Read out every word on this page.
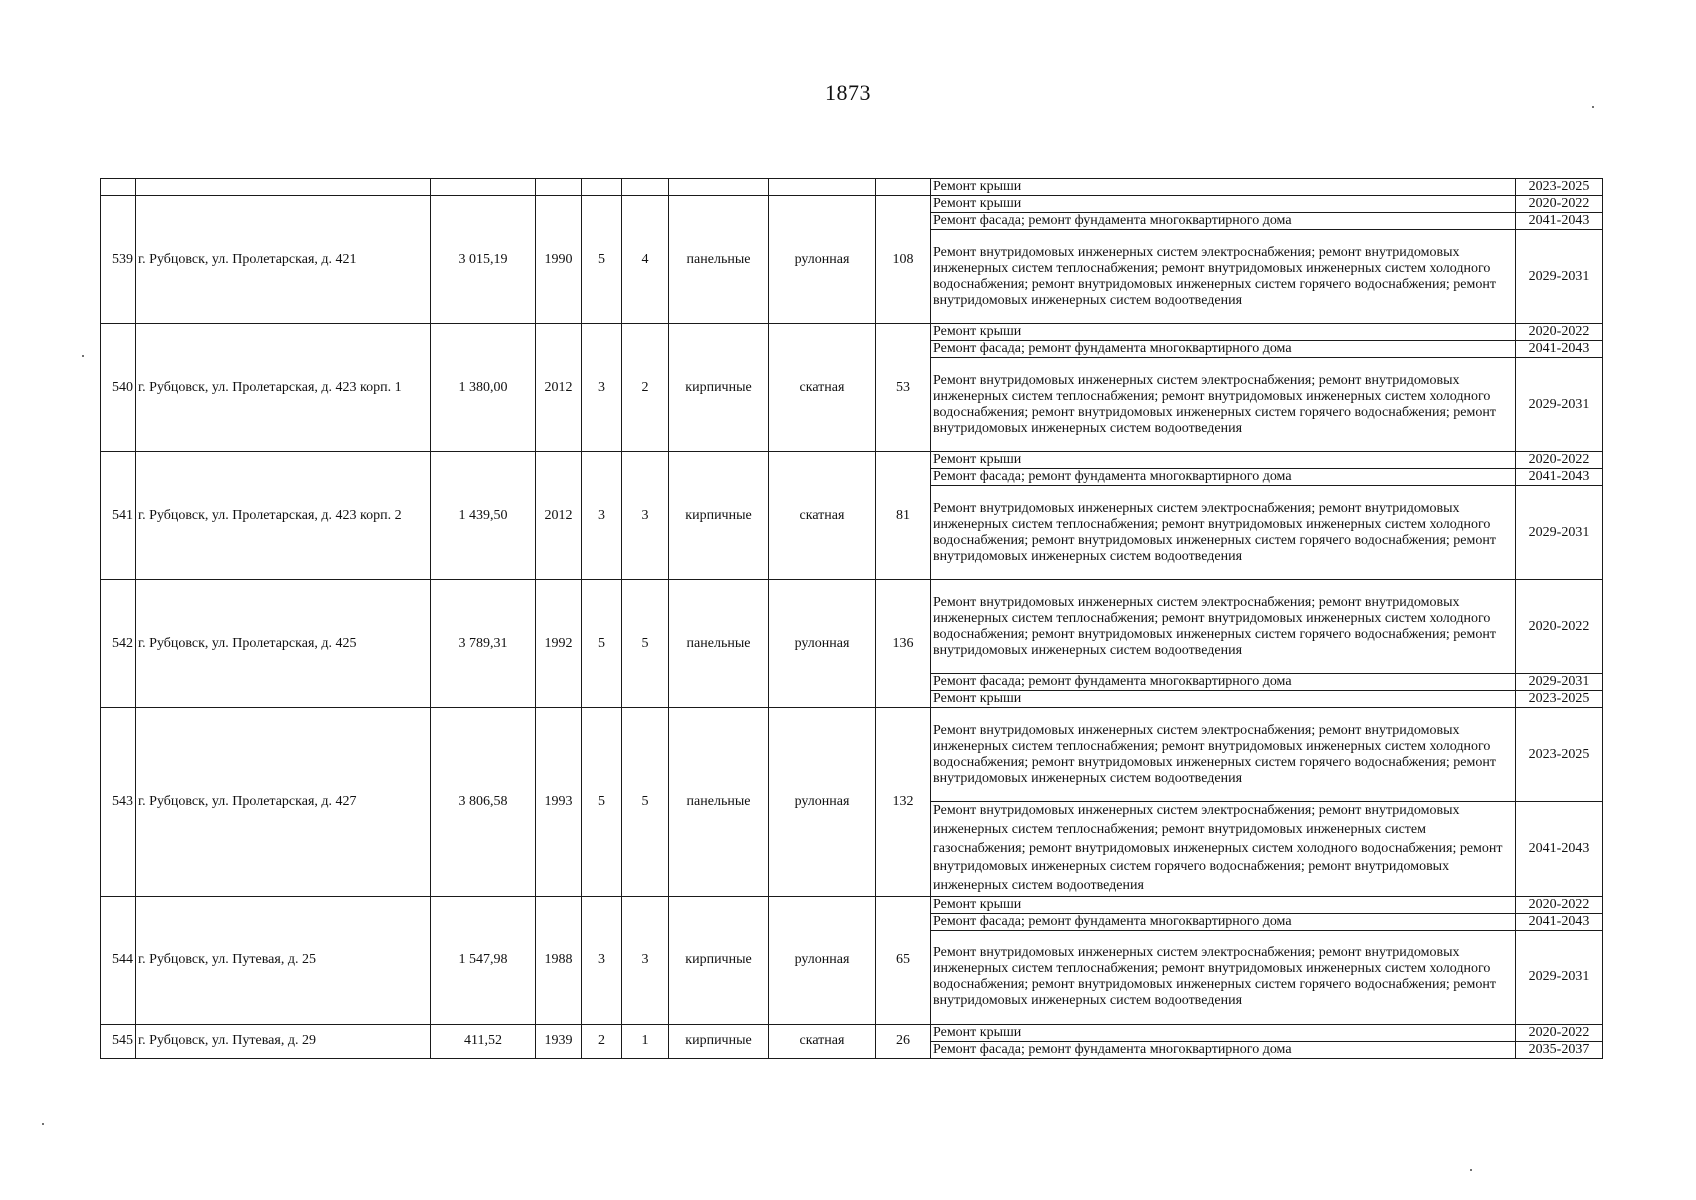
1873
									Ремонт крыши	2023-2025
539	г. Рубцовск, ул. Пролетарская, д. 421	3 015,19	1990	5	4	панельные	рулонная	108	Ремонт крыши	2020-2022
									Ремонт фасада; ремонт фундамента многоквартирного дома	2041-2043
									Ремонт внутридомовых инженерных систем электроснабжения; ремонт внутридомовых инженерных систем теплоснабжения; ремонт внутридомовых инженерных систем холодного водоснабжения; ремонт внутридомовых инженерных систем горячего водоснабжения; ремонт внутридомовых инженерных систем водоотведения	2029-2031
540	г. Рубцовск, ул. Пролетарская, д. 423 корп. 1	1 380,00	2012	3	2	кирпичные	скатная	53	Ремонт крыши	2020-2022
									Ремонт фасада; ремонт фундамента многоквартирного дома	2041-2043
									Ремонт внутридомовых инженерных систем электроснабжения; ремонт внутридомовых инженерных систем теплоснабжения; ремонт внутридомовых инженерных систем холодного водоснабжения; ремонт внутридомовых инженерных систем горячего водоснабжения; ремонт внутридомовых инженерных систем водоотведения	2029-2031
541	г. Рубцовск, ул. Пролетарская, д. 423 корп. 2	1 439,50	2012	3	3	кирпичные	скатная	81	Ремонт крыши	2020-2022
									Ремонт фасада; ремонт фундамента многоквартирного дома	2041-2043
									Ремонт внутридомовых инженерных систем электроснабжения; ремонт внутридомовых инженерных систем теплоснабжения; ремонт внутридомовых инженерных систем холодного водоснабжения; ремонт внутридомовых инженерных систем горячего водоснабжения; ремонт внутридомовых инженерных систем водоотведения	2029-2031
542	г. Рубцовск, ул. Пролетарская, д. 425	3 789,31	1992	5	5	панельные	рулонная	136	Ремонт внутридомовых инженерных систем электроснабжения; ремонт внутридомовых инженерных систем теплоснабжения; ремонт внутридомовых инженерных систем холодного водоснабжения; ремонт внутридомовых инженерных систем горячего водоснабжения; ремонт внутридомовых инженерных систем водоотведения	2020-2022
									Ремонт фасада; ремонт фундамента многоквартирного дома	2029-2031
									Ремонт крыши	2023-2025
543	г. Рубцовск, ул. Пролетарская, д. 427	3 806,58	1993	5	5	панельные	рулонная	132	Ремонт внутридомовых инженерных систем электроснабжения; ремонт внутридомовых инженерных систем теплоснабжения; ремонт внутридомовых инженерных систем холодного водоснабжения; ремонт внутридомовых инженерных систем горячего водоснабжения; ремонт внутридомовых инженерных систем водоотведения	2023-2025
									Ремонт внутридомовых инженерных систем электроснабжения; ремонт внутридомовых инженерных систем теплоснабжения; ремонт внутридомовых инженерных систем газоснабжения; ремонт внутридомовых инженерных систем холодного водоснабжения; ремонт внутридомовых инженерных систем горячего водоснабжения; ремонт внутридомовых инженерных систем водоотведения	2041-2043
544	г. Рубцовск, ул. Путевая, д. 25	1 547,98	1988	3	3	кирпичные	рулонная	65	Ремонт крыши	2020-2022
									Ремонт фасада; ремонт фундамента многоквартирного дома	2041-2043
									Ремонт внутридомовых инженерных систем электроснабжения; ремонт внутридомовых инженерных систем теплоснабжения; ремонт внутридомовых инженерных систем холодного водоснабжения; ремонт внутридомовых инженерных систем горячего водоснабжения; ремонт внутридомовых инженерных систем водоотведения	2029-2031
545	г. Рубцовск, ул. Путевая, д. 29	411,52	1939	2	1	кирпичные	скатная	26	Ремонт крыши	2020-2022
									Ремонт фасада; ремонт фундамента многоквартирного дома	2035-2037
